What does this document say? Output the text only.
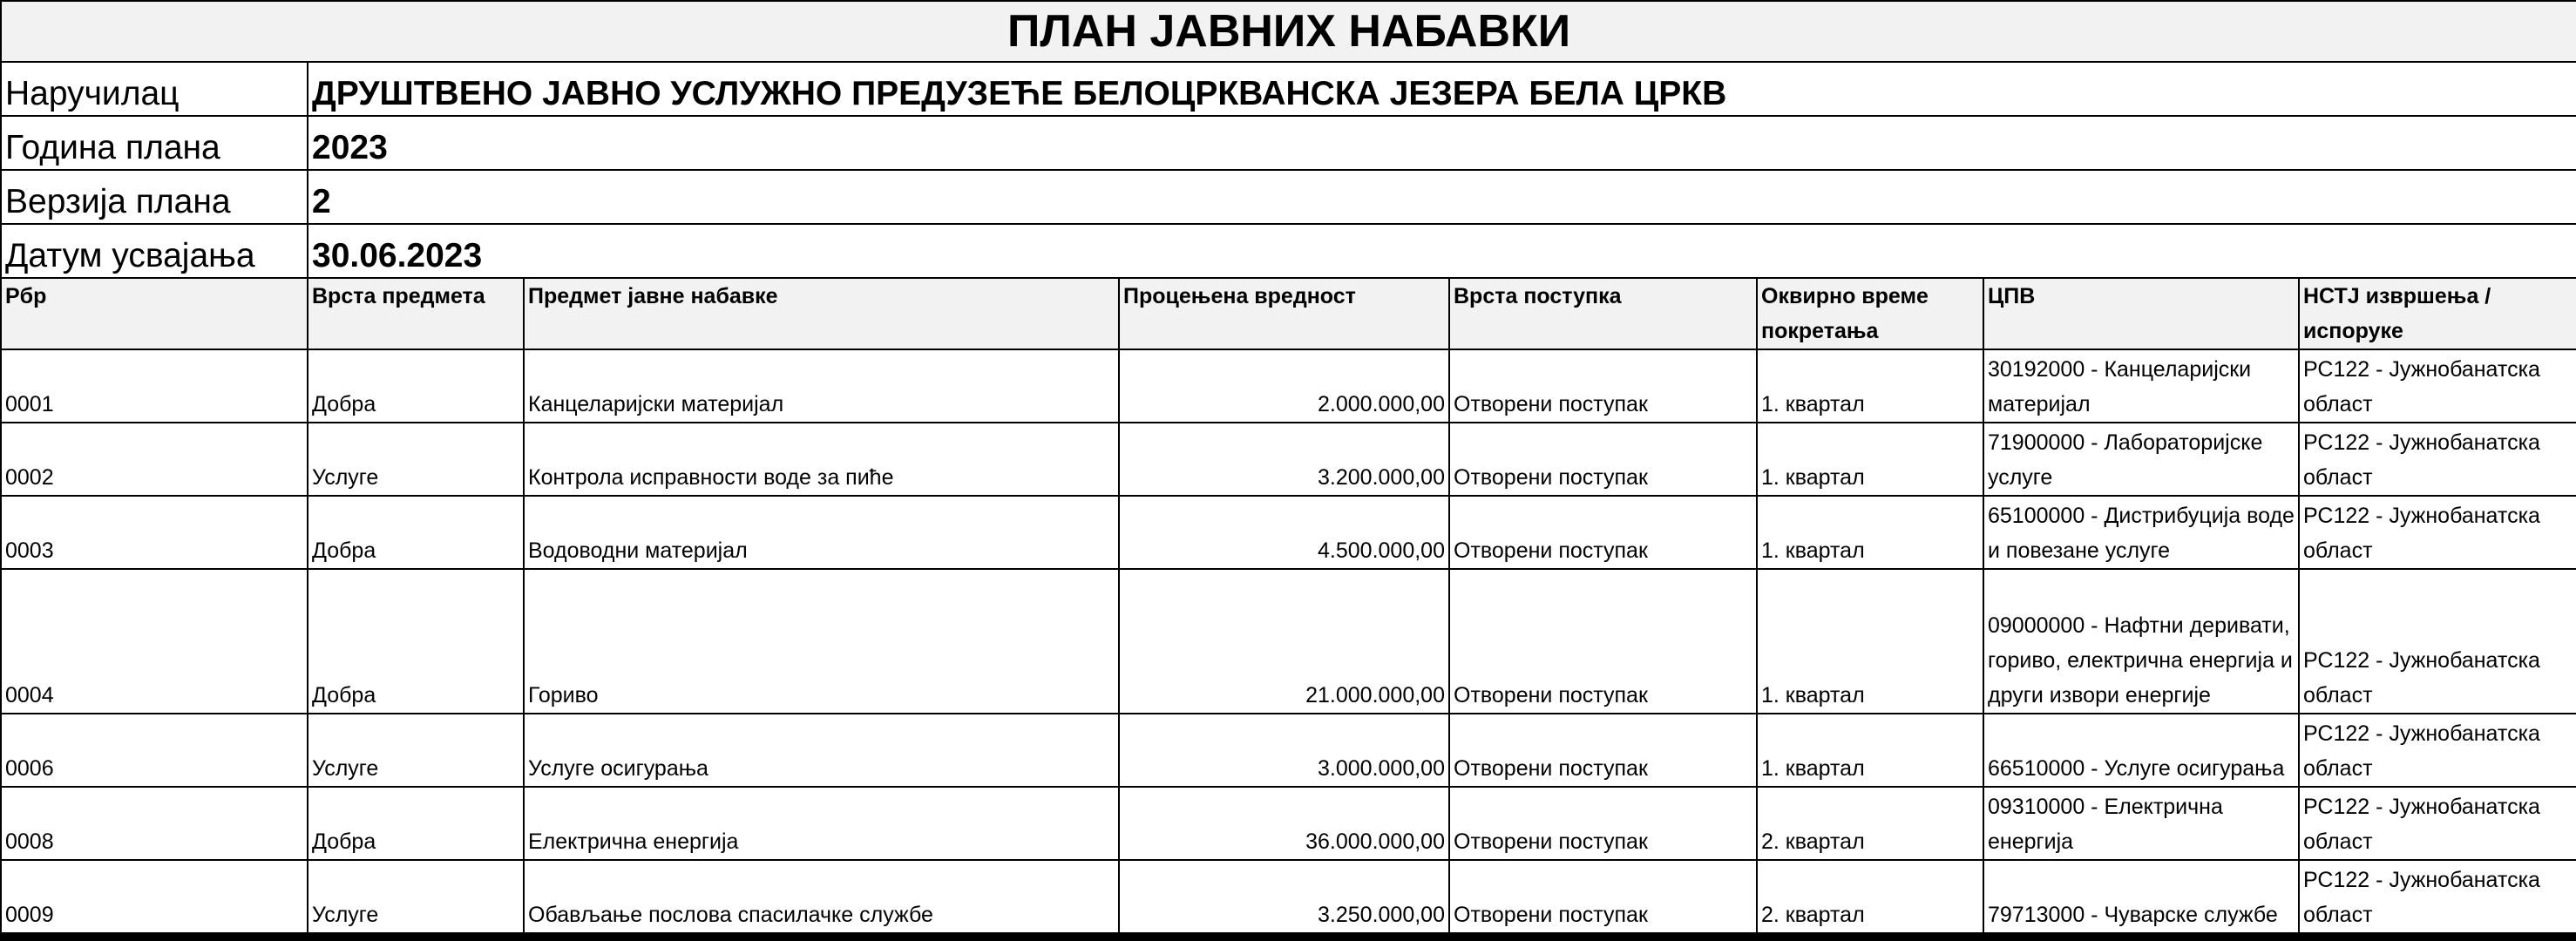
ПЛАН ЈАВНИХ НАБАВКИ							
Наручилац	ДРУШТВЕНО ЈАВНО УСЛУЖНО ПРЕДУЗЕЋЕ БЕЛОЦРКВАНСКА ЈЕЗЕРА БЕЛА ЦРКВ						
Година плана	2023						
Верзија плана	2						
Датум усвајања	30.06.2023						
Рбр	Врста предмета	Предмет јавне набавке	Процењена вредност	Врста поступка	Оквирно време покретања	ЦПВ	НСТЈ извршења / испоруке
0001	Добра	Канцеларијски материјал	2.000.000,00	Отворени поступак	1. квартал	30192000 - Канцеларијски материјал	РС122 - Јужнобанатска област
0002	Услуге	Контрола исправности воде за пиће	3.200.000,00	Отворени поступак	1. квартал	71900000 - Лабораторијске услуге	РС122 - Јужнобанатска област
0003	Добра	Водоводни материјал	4.500.000,00	Отворени поступак	1. квартал	65100000 - Дистрибуција воде и повезане услуге	РС122 - Јужнобанатска област
0004	Добра	Гориво	21.000.000,00	Отворени поступак	1. квартал	09000000 - Нафтни деривати, гориво, електрична енергија и други извори енергије	РС122 - Јужнобанатска област
0006	Услуге	Услуге осигурања	3.000.000,00	Отворени поступак	1. квартал	66510000 - Услуге осигурања	РС122 - Јужнобанатска област
0008	Добра	Електрична енергија	36.000.000,00	Отворени поступак	2. квартал	09310000 - Електрична енергија	РС122 - Јужнобанатска област
0009	Услуге	Обављање послова спасилачке службе	3.250.000,00	Отворени поступак	2. квартал	79713000 - Чуварске службе	РС122 - Јужнобанатска област
